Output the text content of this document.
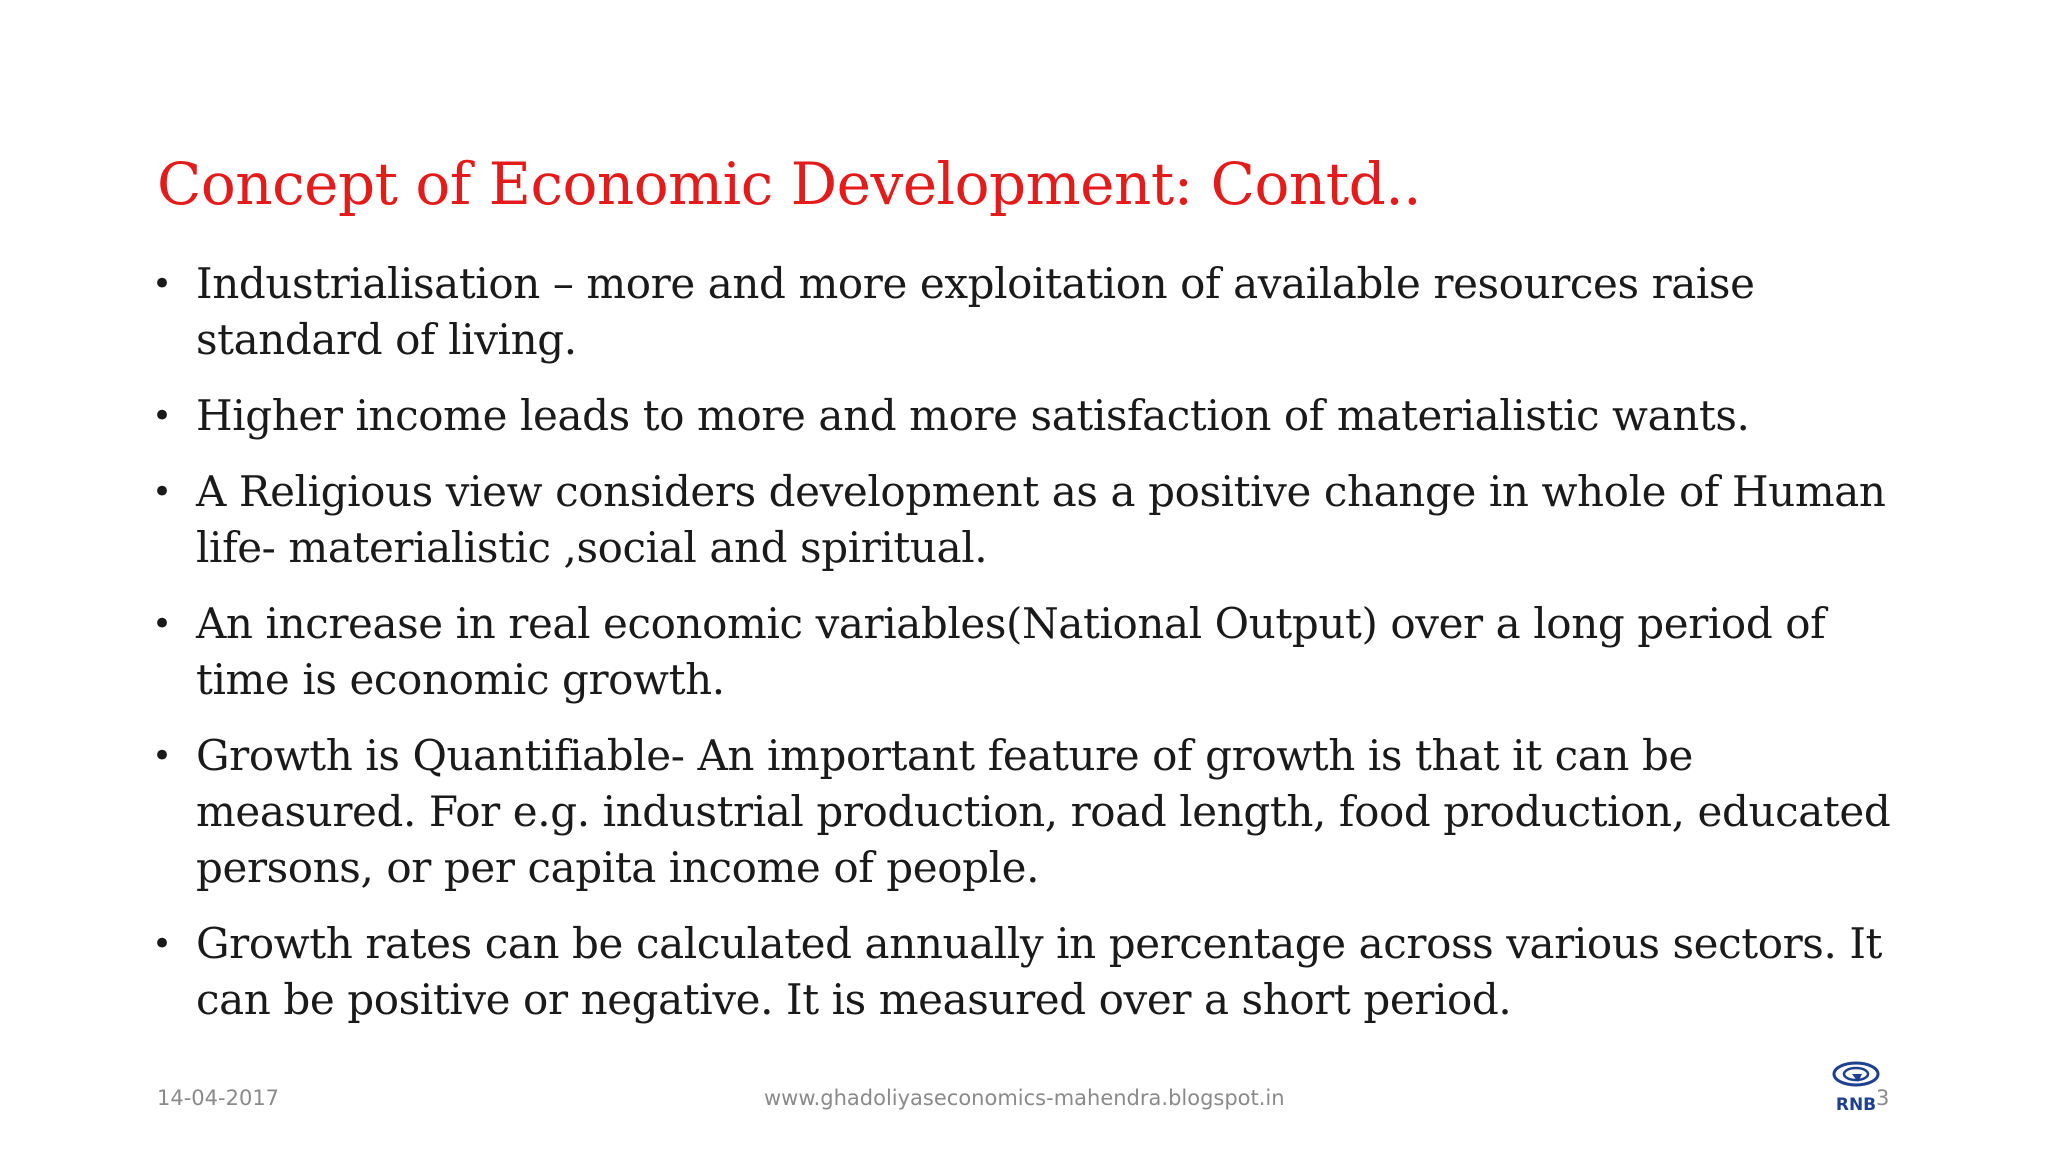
Concept of Economic Development: Contd..
• Industrialisation – more and more exploitation of available resources raise standard of living.
• Higher income leads to more and more satisfaction of materialistic wants.
• A Religious view considers development as a positive change in whole of Human life- materialistic ,social and spiritual.
• An increase in real economic variables(National Output) over a long period of time is economic growth.
• Growth is Quantifiable- An important feature of growth is that it can be measured. For e.g. industrial production, road length, food production, educated persons, or per capita income of people.
• Growth rates can be calculated annually in percentage across various sectors. It can be positive or negative. It is measured over a short period.
14-04-2017	www.ghadoliyaseconomics-mahendra.blogspot.in	RNB 3
